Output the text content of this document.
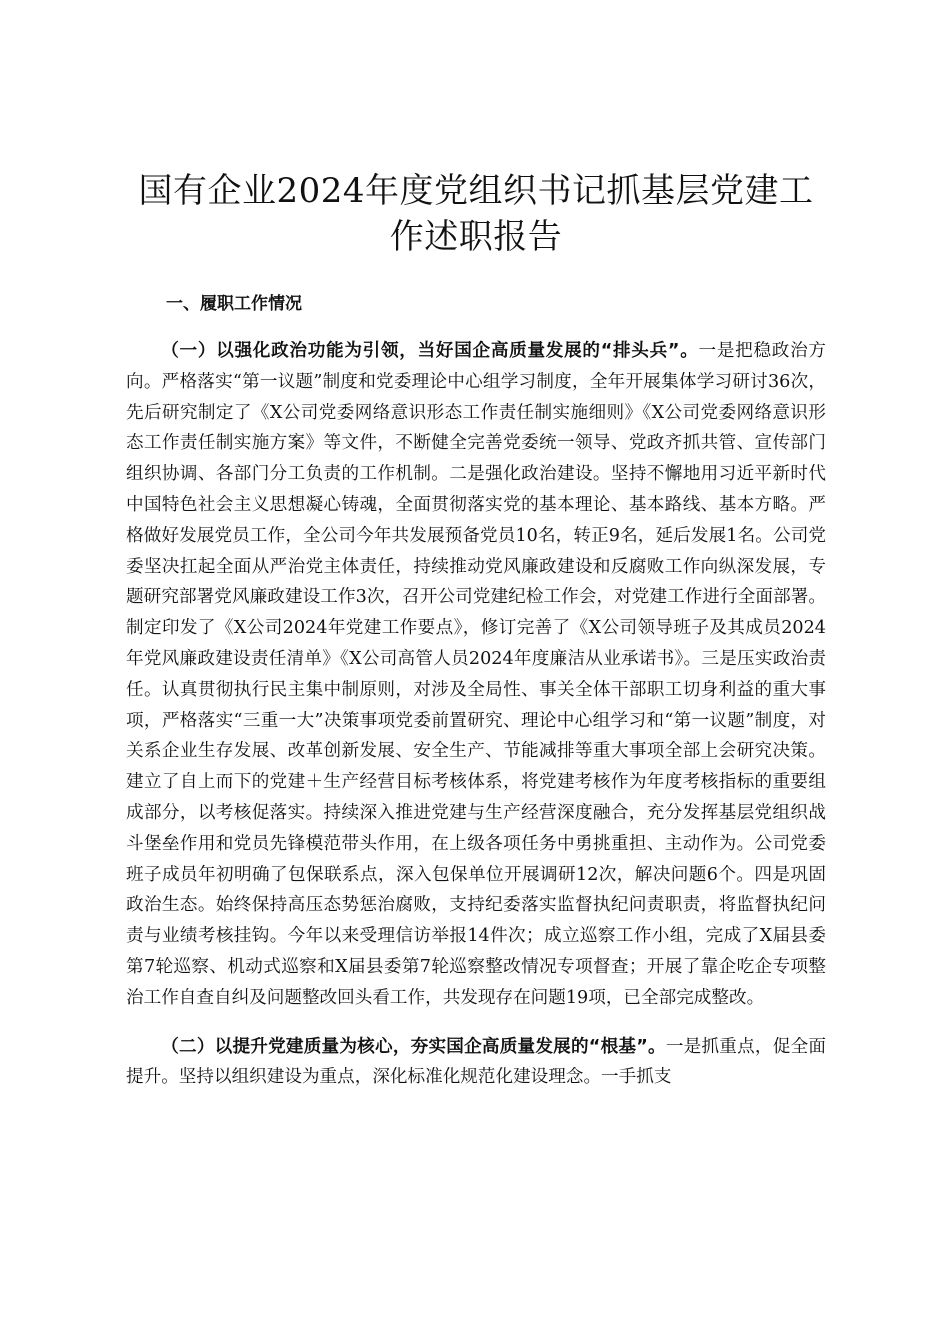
国有企业2024年度党组织书记抓基层党建工
作述职报告
一、履职工作情况

（一）以强化政治功能为引领，当好国企高质量发展的“排头兵”。一是把稳政治方向。严格落实“第一议题”制度和党委理论中心组学习制度，全年开展集体学习研讨36次，先后研究制定了《X公司党委网络意识形态工作责任制实施细则》《X公司党委网络意识形态工作责任制实施方案》等文件，不断健全完善党委统一领导、党政齐抓共管、宣传部门组织协调、各部门分工负责的工作机制。二是强化政治建设。坚持不懈地用习近平新时代中国特色社会主义思想凝心铸魂，全面贯彻落实党的基本理论、基本路线、基本方略。严格做好发展党员工作，全公司今年共发展预备党员10名，转正9名，延后发展1名。公司党委坚决扛起全面从严治党主体责任，持续推动党风廉政建设和反腐败工作向纵深发展，专题研究部署党风廉政建设工作3次，召开公司党建纪检工作会，对党建工作进行全面部署。制定印发了《X公司2024年党建工作要点》，修订完善了《X公司领导班子及其成员2024年党风廉政建设责任清单》《X公司高管人员2024年度廉洁从业承诺书》。三是压实政治责任。认真贯彻执行民主集中制原则，对涉及全局性、事关全体干部职工切身利益的重大事项，严格落实“三重一大”决策事项党委前置研究、理论中心组学习和“第一议题”制度，对关系企业生存发展、改革创新发展、安全生产、节能减排等重大事项全部上会研究决策。建立了自上而下的党建＋生产经营目标考核体系，将党建考核作为年度考核指标的重要组成部分，以考核促落实。持续深入推进党建与生产经营深度融合，充分发挥基层党组织战斗堡垒作用和党员先锋模范带头作用，在上级各项任务中勇挑重担、主动作为。公司党委班子成员年初明确了包保联系点，深入包保单位开展调研12次，解决问题6个。四是巩固政治生态。始终保持高压态势惩治腐败，支持纪委落实监督执纪问责职责，将监督执纪问责与业绩考核挂钩。今年以来受理信访举报14件次；成立巡察工作小组，完成了X届县委第7轮巡察、机动式巡察和X届县委第7轮巡察整改情况专项督查；开展了靠企吃企专项整治工作自查自纠及问题整改回头看工作，共发现存在问题19项，已全部完成整改。

（二）以提升党建质量为核心，夯实国企高质量发展的“根基”。一是抓重点，促全面提升。坚持以组织建设为重点，深化标准化规范化建设理念。一手抓支
